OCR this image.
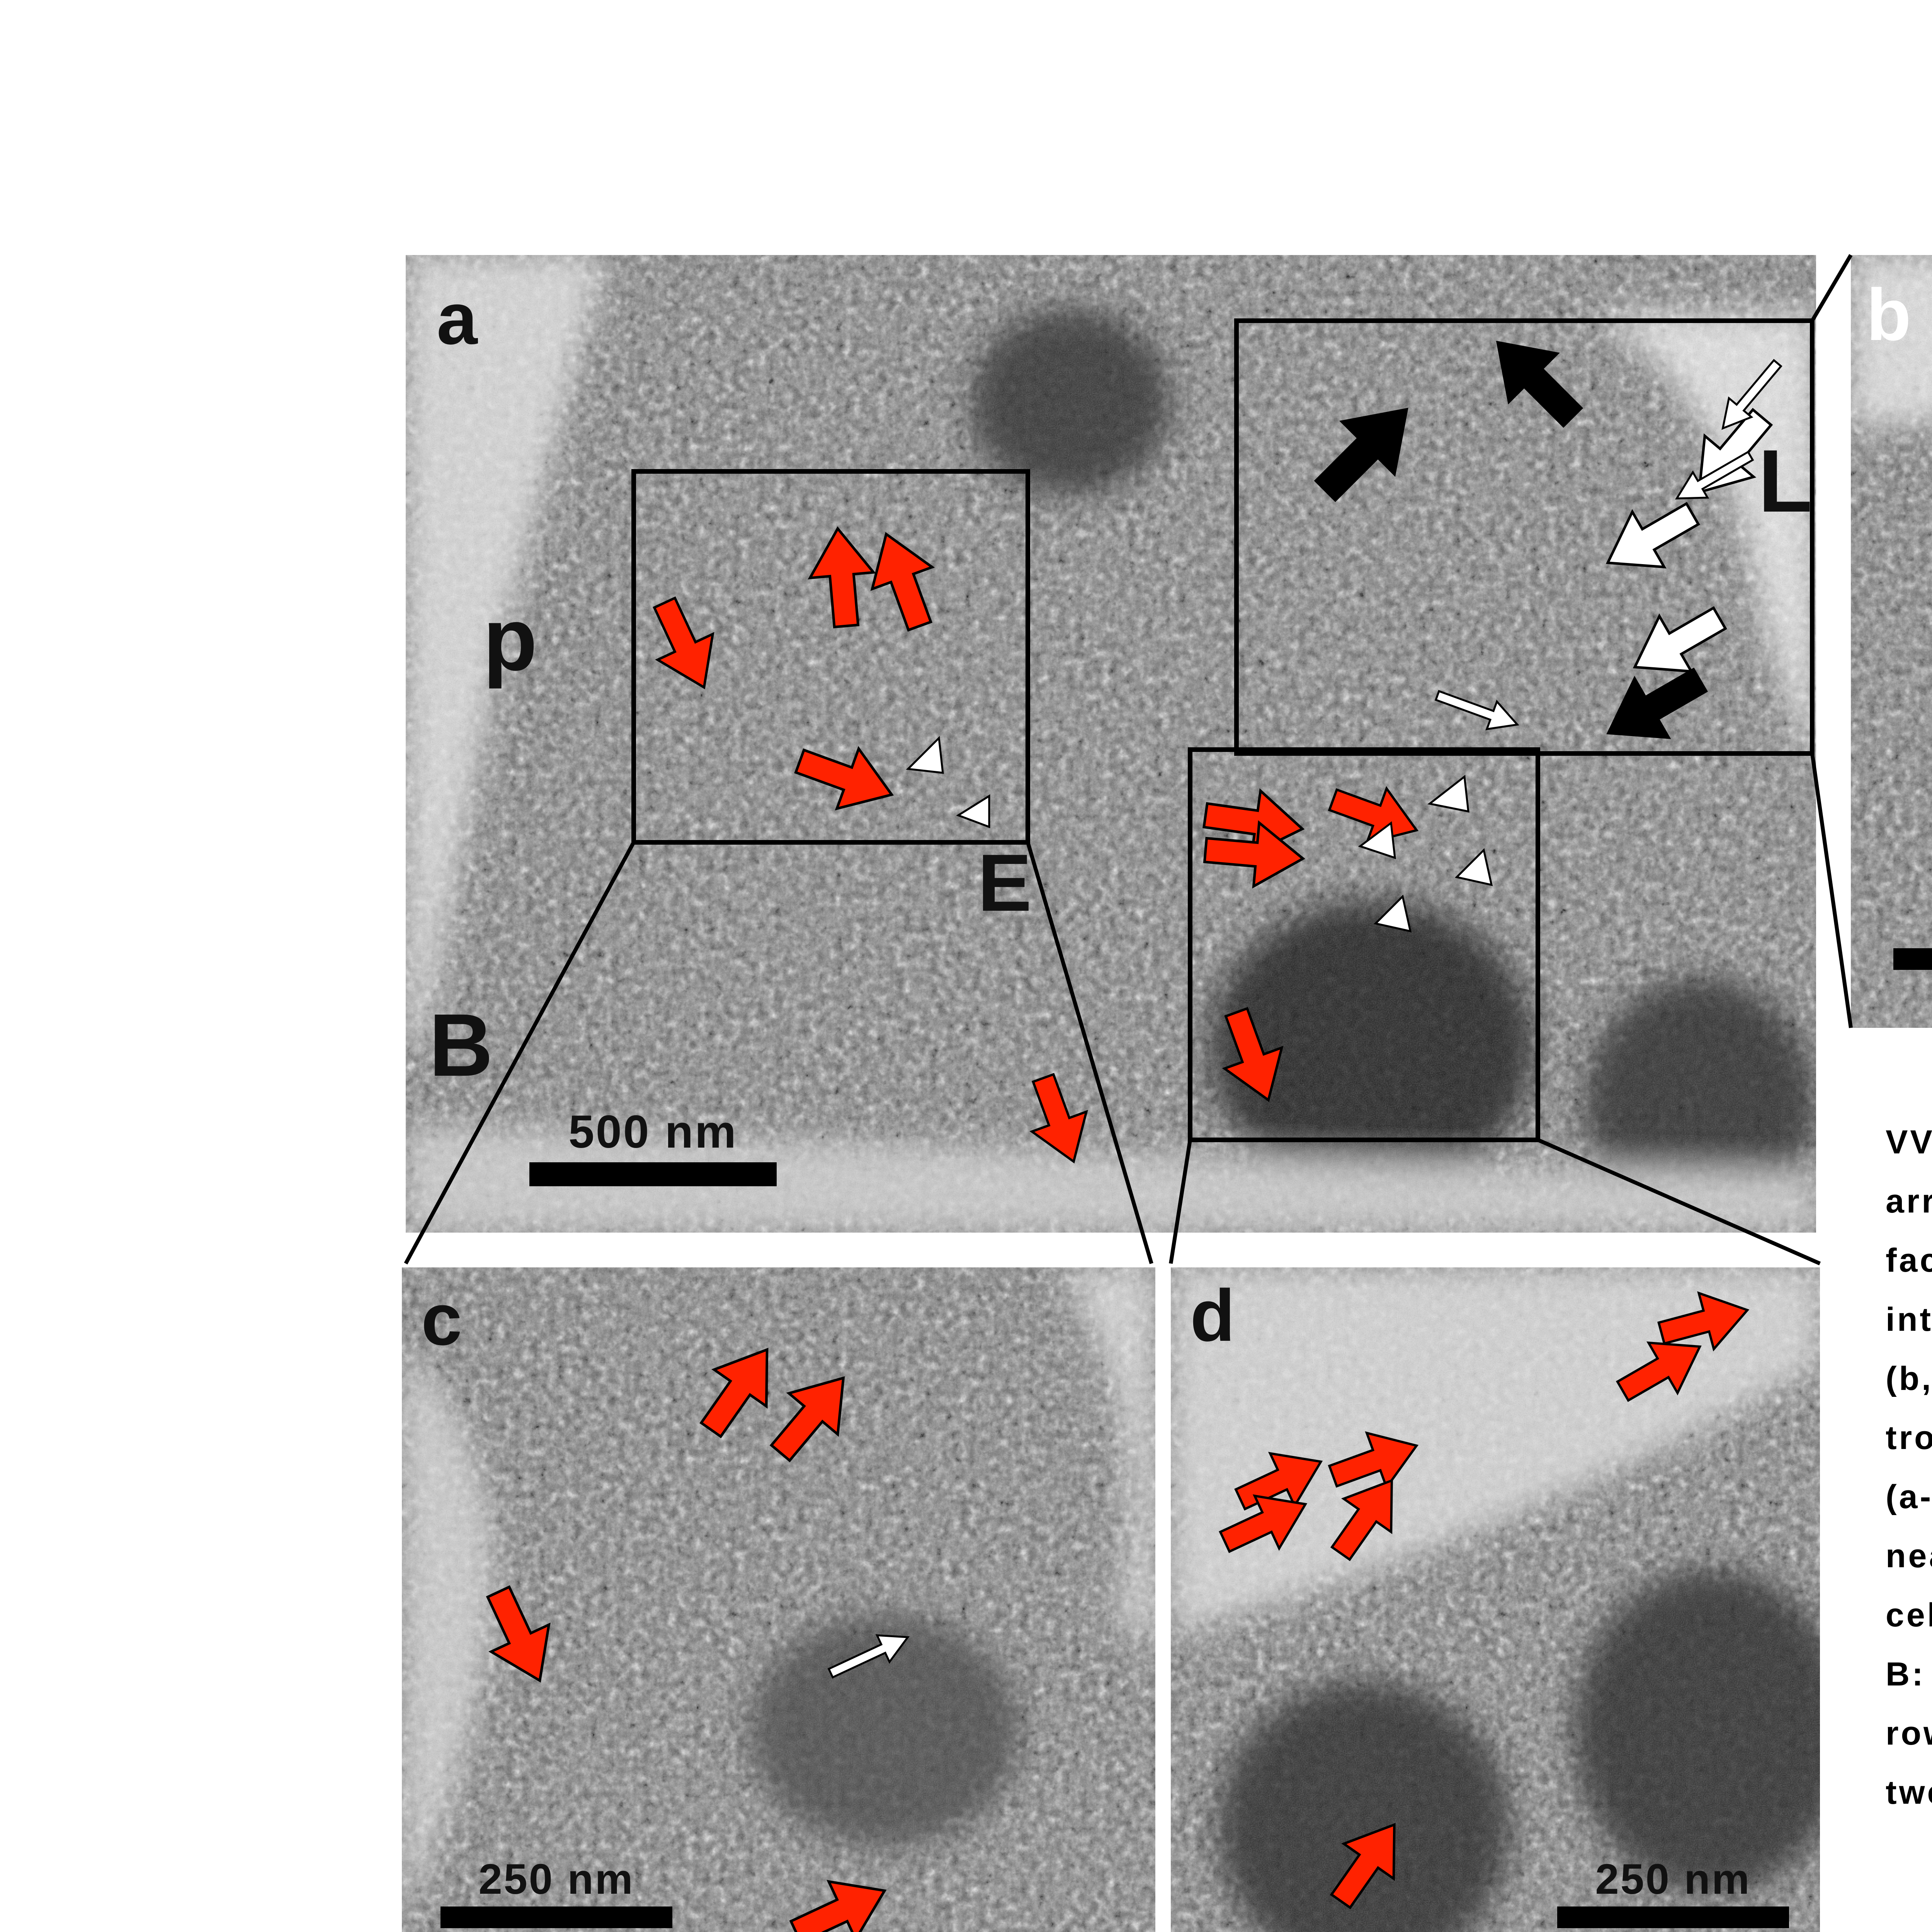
a	b
c	d
p
E
B
L
500 nm
250 nm	250 nm

VV

arr

fac

int

(b,

tro

(a-

ne

ce

B:

ro

tw
